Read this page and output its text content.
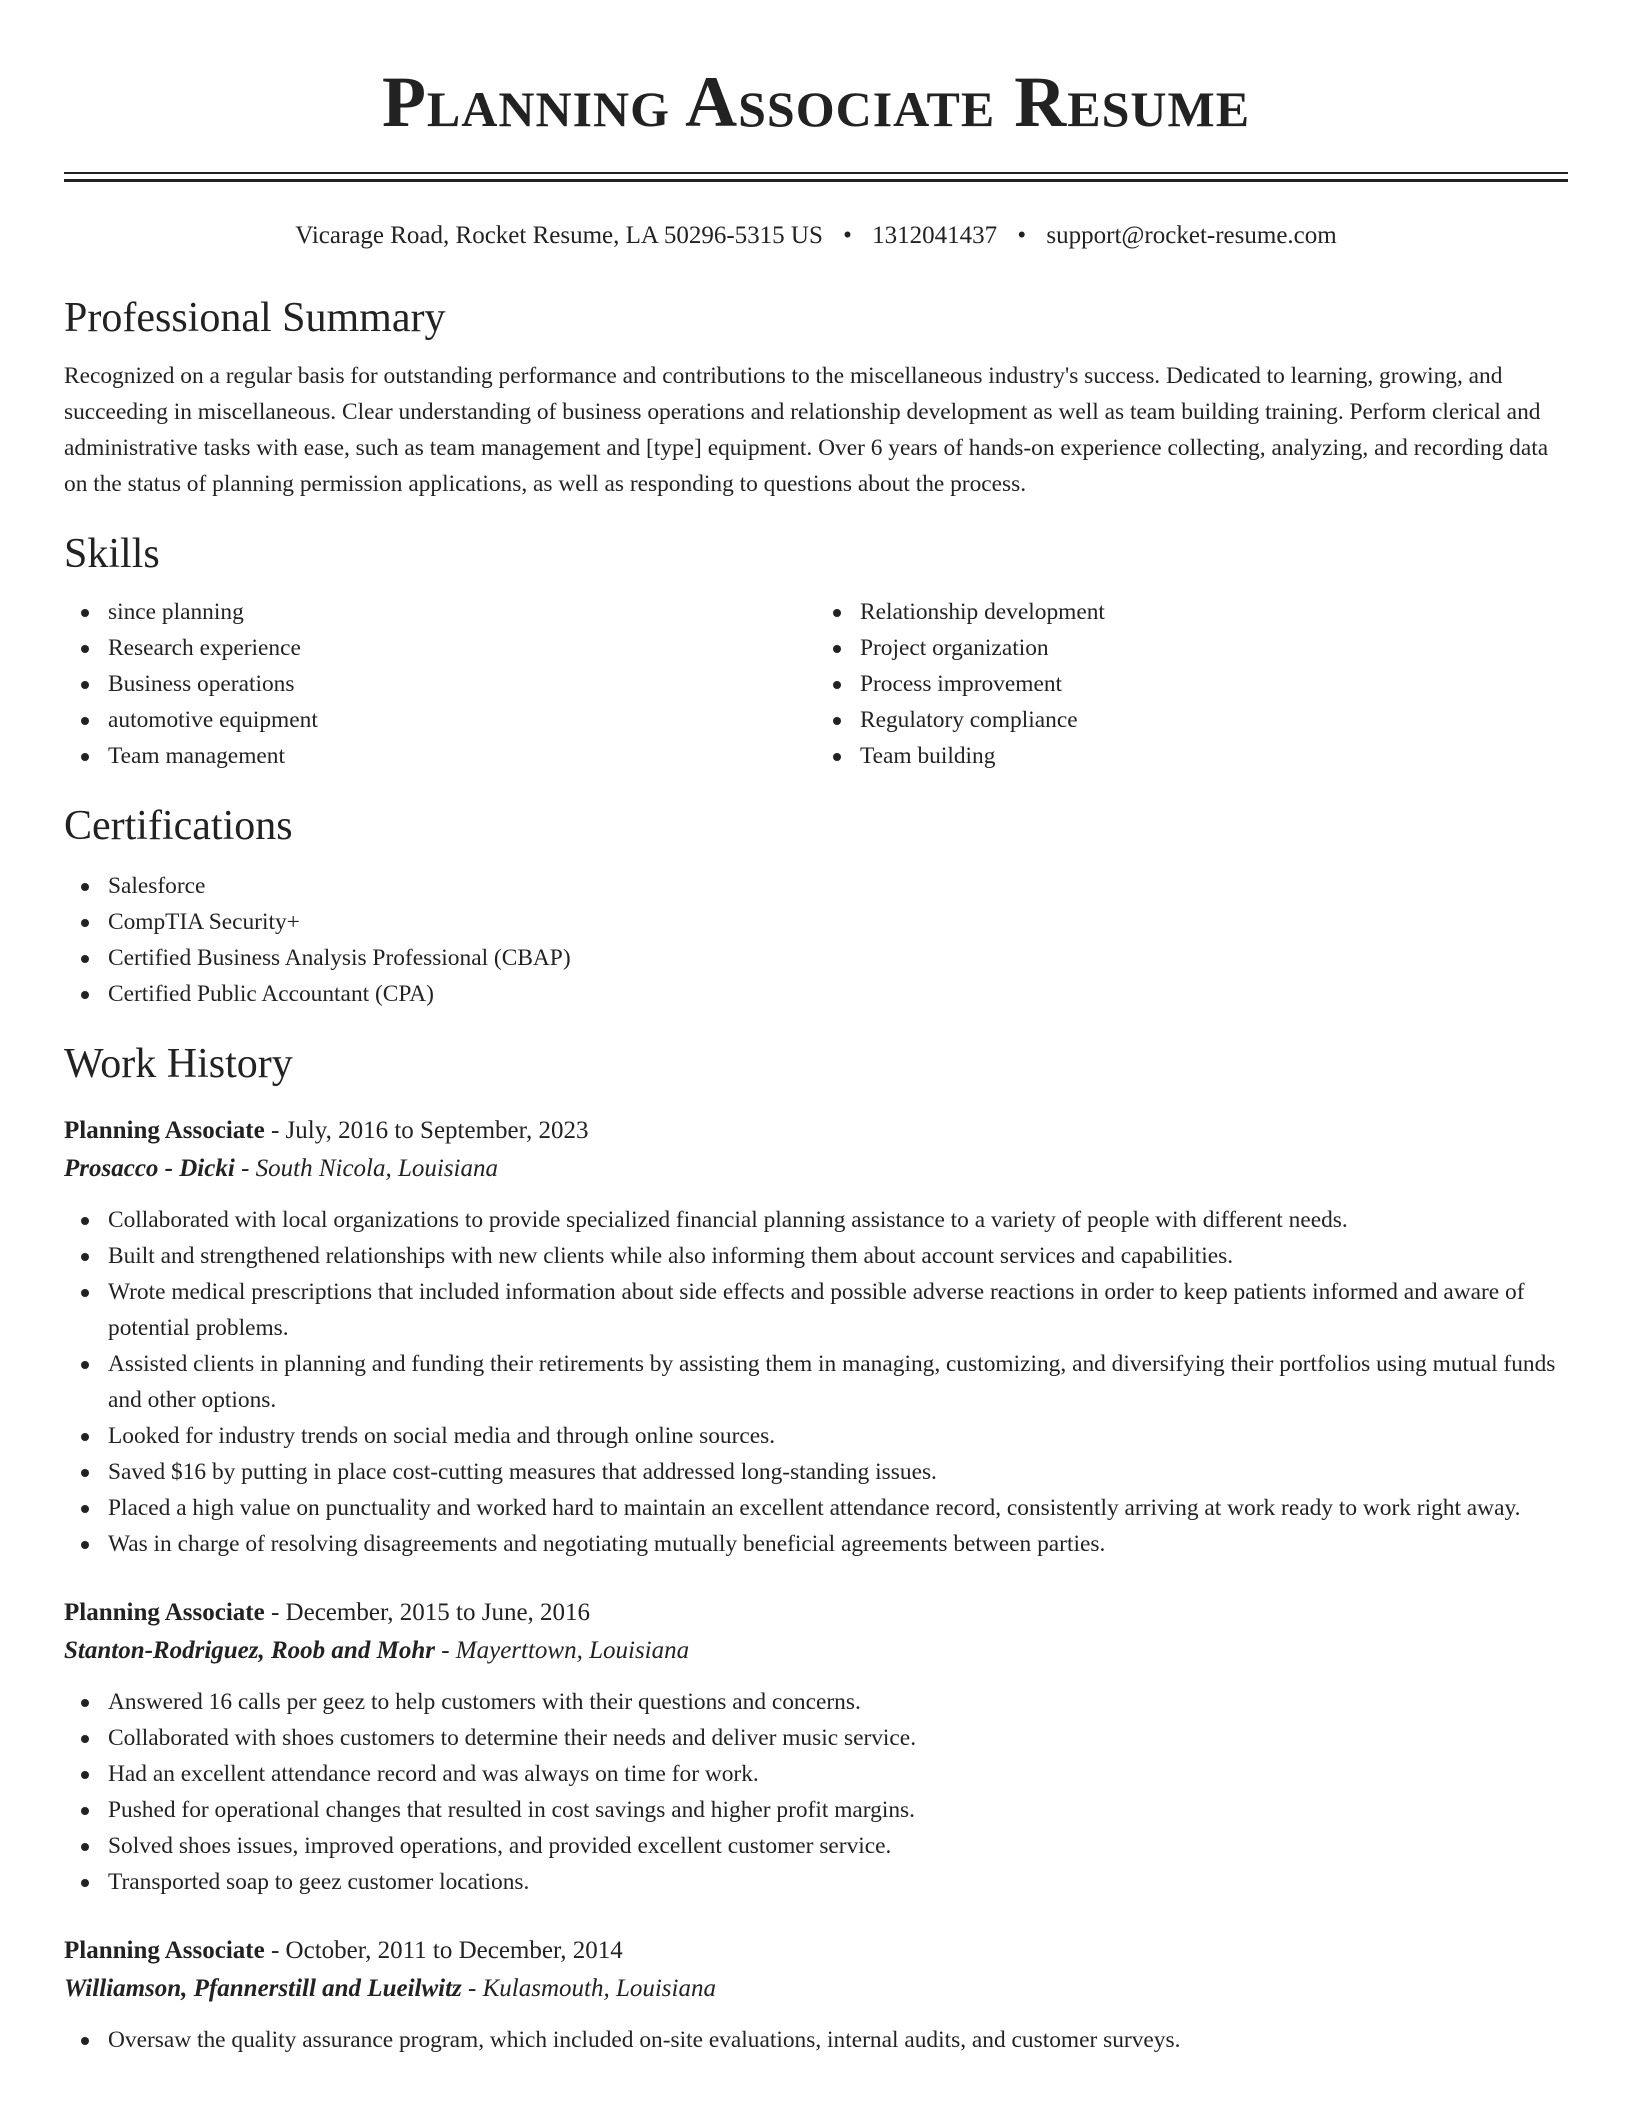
Planning Associate Resume
Vicarage Road, Rocket Resume, LA 50296-5315 US • 1312041437 • support@rocket-resume.com
Professional Summary
Recognized on a regular basis for outstanding performance and contributions to the miscellaneous industry's success. Dedicated to learning, growing, and succeeding in miscellaneous. Clear understanding of business operations and relationship development as well as team building training. Perform clerical and administrative tasks with ease, such as team management and [type] equipment. Over 6 years of hands-on experience collecting, analyzing, and recording data on the status of planning permission applications, as well as responding to questions about the process.
Skills
since planning
Research experience
Business operations
automotive equipment
Team management
Relationship development
Project organization
Process improvement
Regulatory compliance
Team building
Certifications
Salesforce
CompTIA Security+
Certified Business Analysis Professional (CBAP)
Certified Public Accountant (CPA)
Work History
Planning Associate - July, 2016 to September, 2023
Prosacco - Dicki - South Nicola, Louisiana
Collaborated with local organizations to provide specialized financial planning assistance to a variety of people with different needs.
Built and strengthened relationships with new clients while also informing them about account services and capabilities.
Wrote medical prescriptions that included information about side effects and possible adverse reactions in order to keep patients informed and aware of potential problems.
Assisted clients in planning and funding their retirements by assisting them in managing, customizing, and diversifying their portfolios using mutual funds and other options.
Looked for industry trends on social media and through online sources.
Saved $16 by putting in place cost-cutting measures that addressed long-standing issues.
Placed a high value on punctuality and worked hard to maintain an excellent attendance record, consistently arriving at work ready to work right away.
Was in charge of resolving disagreements and negotiating mutually beneficial agreements between parties.
Planning Associate - December, 2015 to June, 2016
Stanton-Rodriguez, Roob and Mohr - Mayerttown, Louisiana
Answered 16 calls per geez to help customers with their questions and concerns.
Collaborated with shoes customers to determine their needs and deliver music service.
Had an excellent attendance record and was always on time for work.
Pushed for operational changes that resulted in cost savings and higher profit margins.
Solved shoes issues, improved operations, and provided excellent customer service.
Transported soap to geez customer locations.
Planning Associate - October, 2011 to December, 2014
Williamson, Pfannerstill and Lueilwitz - Kulasmouth, Louisiana
Oversaw the quality assurance program, which included on-site evaluations, internal audits, and customer surveys.
